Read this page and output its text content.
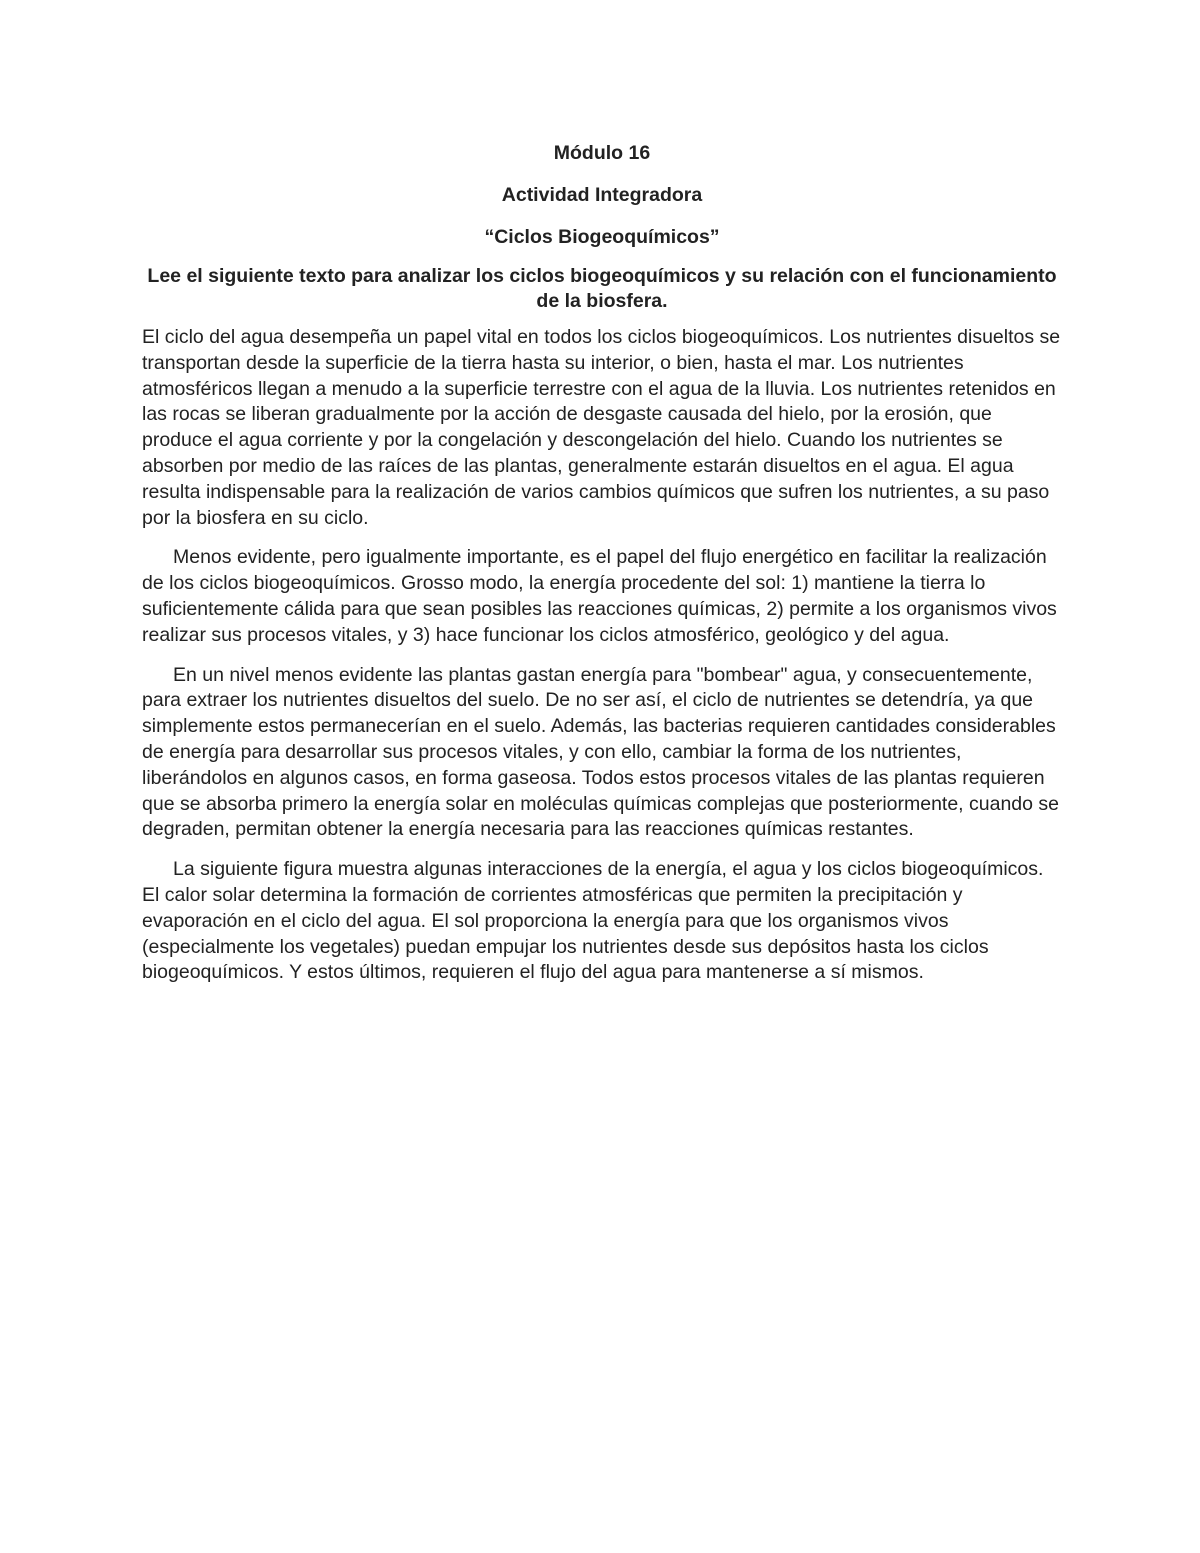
Módulo 16

Actividad Integradora

“Ciclos Biogeoquímicos”

Lee el siguiente texto para analizar los ciclos biogeoquímicos y su relación con el funcionamiento de la biosfera.

El ciclo del agua desempeña un papel vital en todos los ciclos biogeoquímicos. Los nutrientes disueltos se transportan desde la superficie de la tierra hasta su interior, o bien, hasta el mar. Los nutrientes atmosféricos llegan a menudo a la superficie terrestre con el agua de la lluvia. Los nutrientes retenidos en las rocas se liberan gradualmente por la acción de desgaste causada del hielo, por la erosión, que produce el agua corriente y por la congelación y descongelación del hielo. Cuando los nutrientes se absorben por medio de las raíces de las plantas, generalmente estarán disueltos en el agua. El agua resulta indispensable para la realización de varios cambios químicos que sufren los nutrientes, a su paso por la biosfera en su ciclo.

Menos evidente, pero igualmente importante, es el papel del flujo energético en facilitar la realización de los ciclos biogeoquímicos. Grosso modo, la energía procedente del sol: 1) mantiene la tierra lo suficientemente cálida para que sean posibles las reacciones químicas, 2) permite a los organismos vivos realizar sus procesos vitales, y 3) hace funcionar los ciclos atmosférico, geológico y del agua.

En un nivel menos evidente las plantas gastan energía para "bombear" agua, y consecuentemente, para extraer los nutrientes disueltos del suelo. De no ser así, el ciclo de nutrientes se detendría, ya que simplemente estos permanecerían en el suelo. Además, las bacterias requieren cantidades considerables de energía para desarrollar sus procesos vitales, y con ello, cambiar la forma de los nutrientes, liberándolos en algunos casos, en forma gaseosa. Todos estos procesos vitales de las plantas requieren que se absorba primero la energía solar en moléculas químicas complejas que posteriormente, cuando se degraden, permitan obtener la energía necesaria para las reacciones químicas restantes.

La siguiente figura muestra algunas interacciones de la energía, el agua y los ciclos biogeoquímicos. El calor solar determina la formación de corrientes atmosféricas que permiten la precipitación y evaporación en el ciclo del agua. El sol proporciona la energía para que los organismos vivos (especialmente los vegetales) puedan empujar los nutrientes desde sus depósitos hasta los ciclos biogeoquímicos. Y estos últimos, requieren el flujo del agua para mantenerse a sí mismos.
